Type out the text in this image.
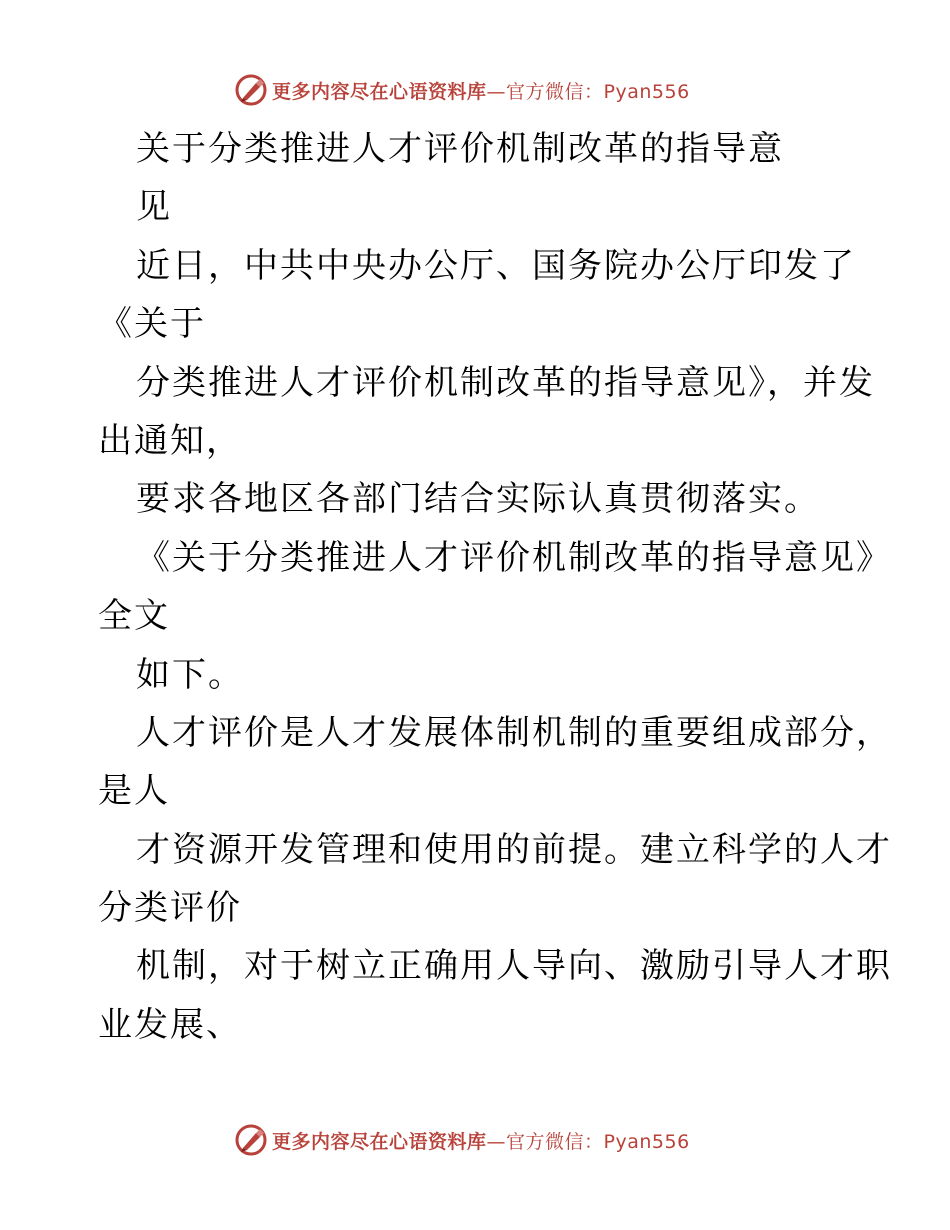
更多内容尽在心语资料库—官方微信：Pyan556
关于分类推进人才评价机制改革的指导意
见
近日，中共中央办公厅、国务院办公厅印发了
《关于
分类推进人才评价机制改革的指导意见》，并发
出通知，
要求各地区各部门结合实际认真贯彻落实。
《关于分类推进人才评价机制改革的指导意见》
全文
如下。
人才评价是人才发展体制机制的重要组成部分，
是人
才资源开发管理和使用的前提。建立科学的人才
分类评价
机制，对于树立正确用人导向、激励引导人才职
业发展、
更多内容尽在心语资料库—官方微信：Pyan556
